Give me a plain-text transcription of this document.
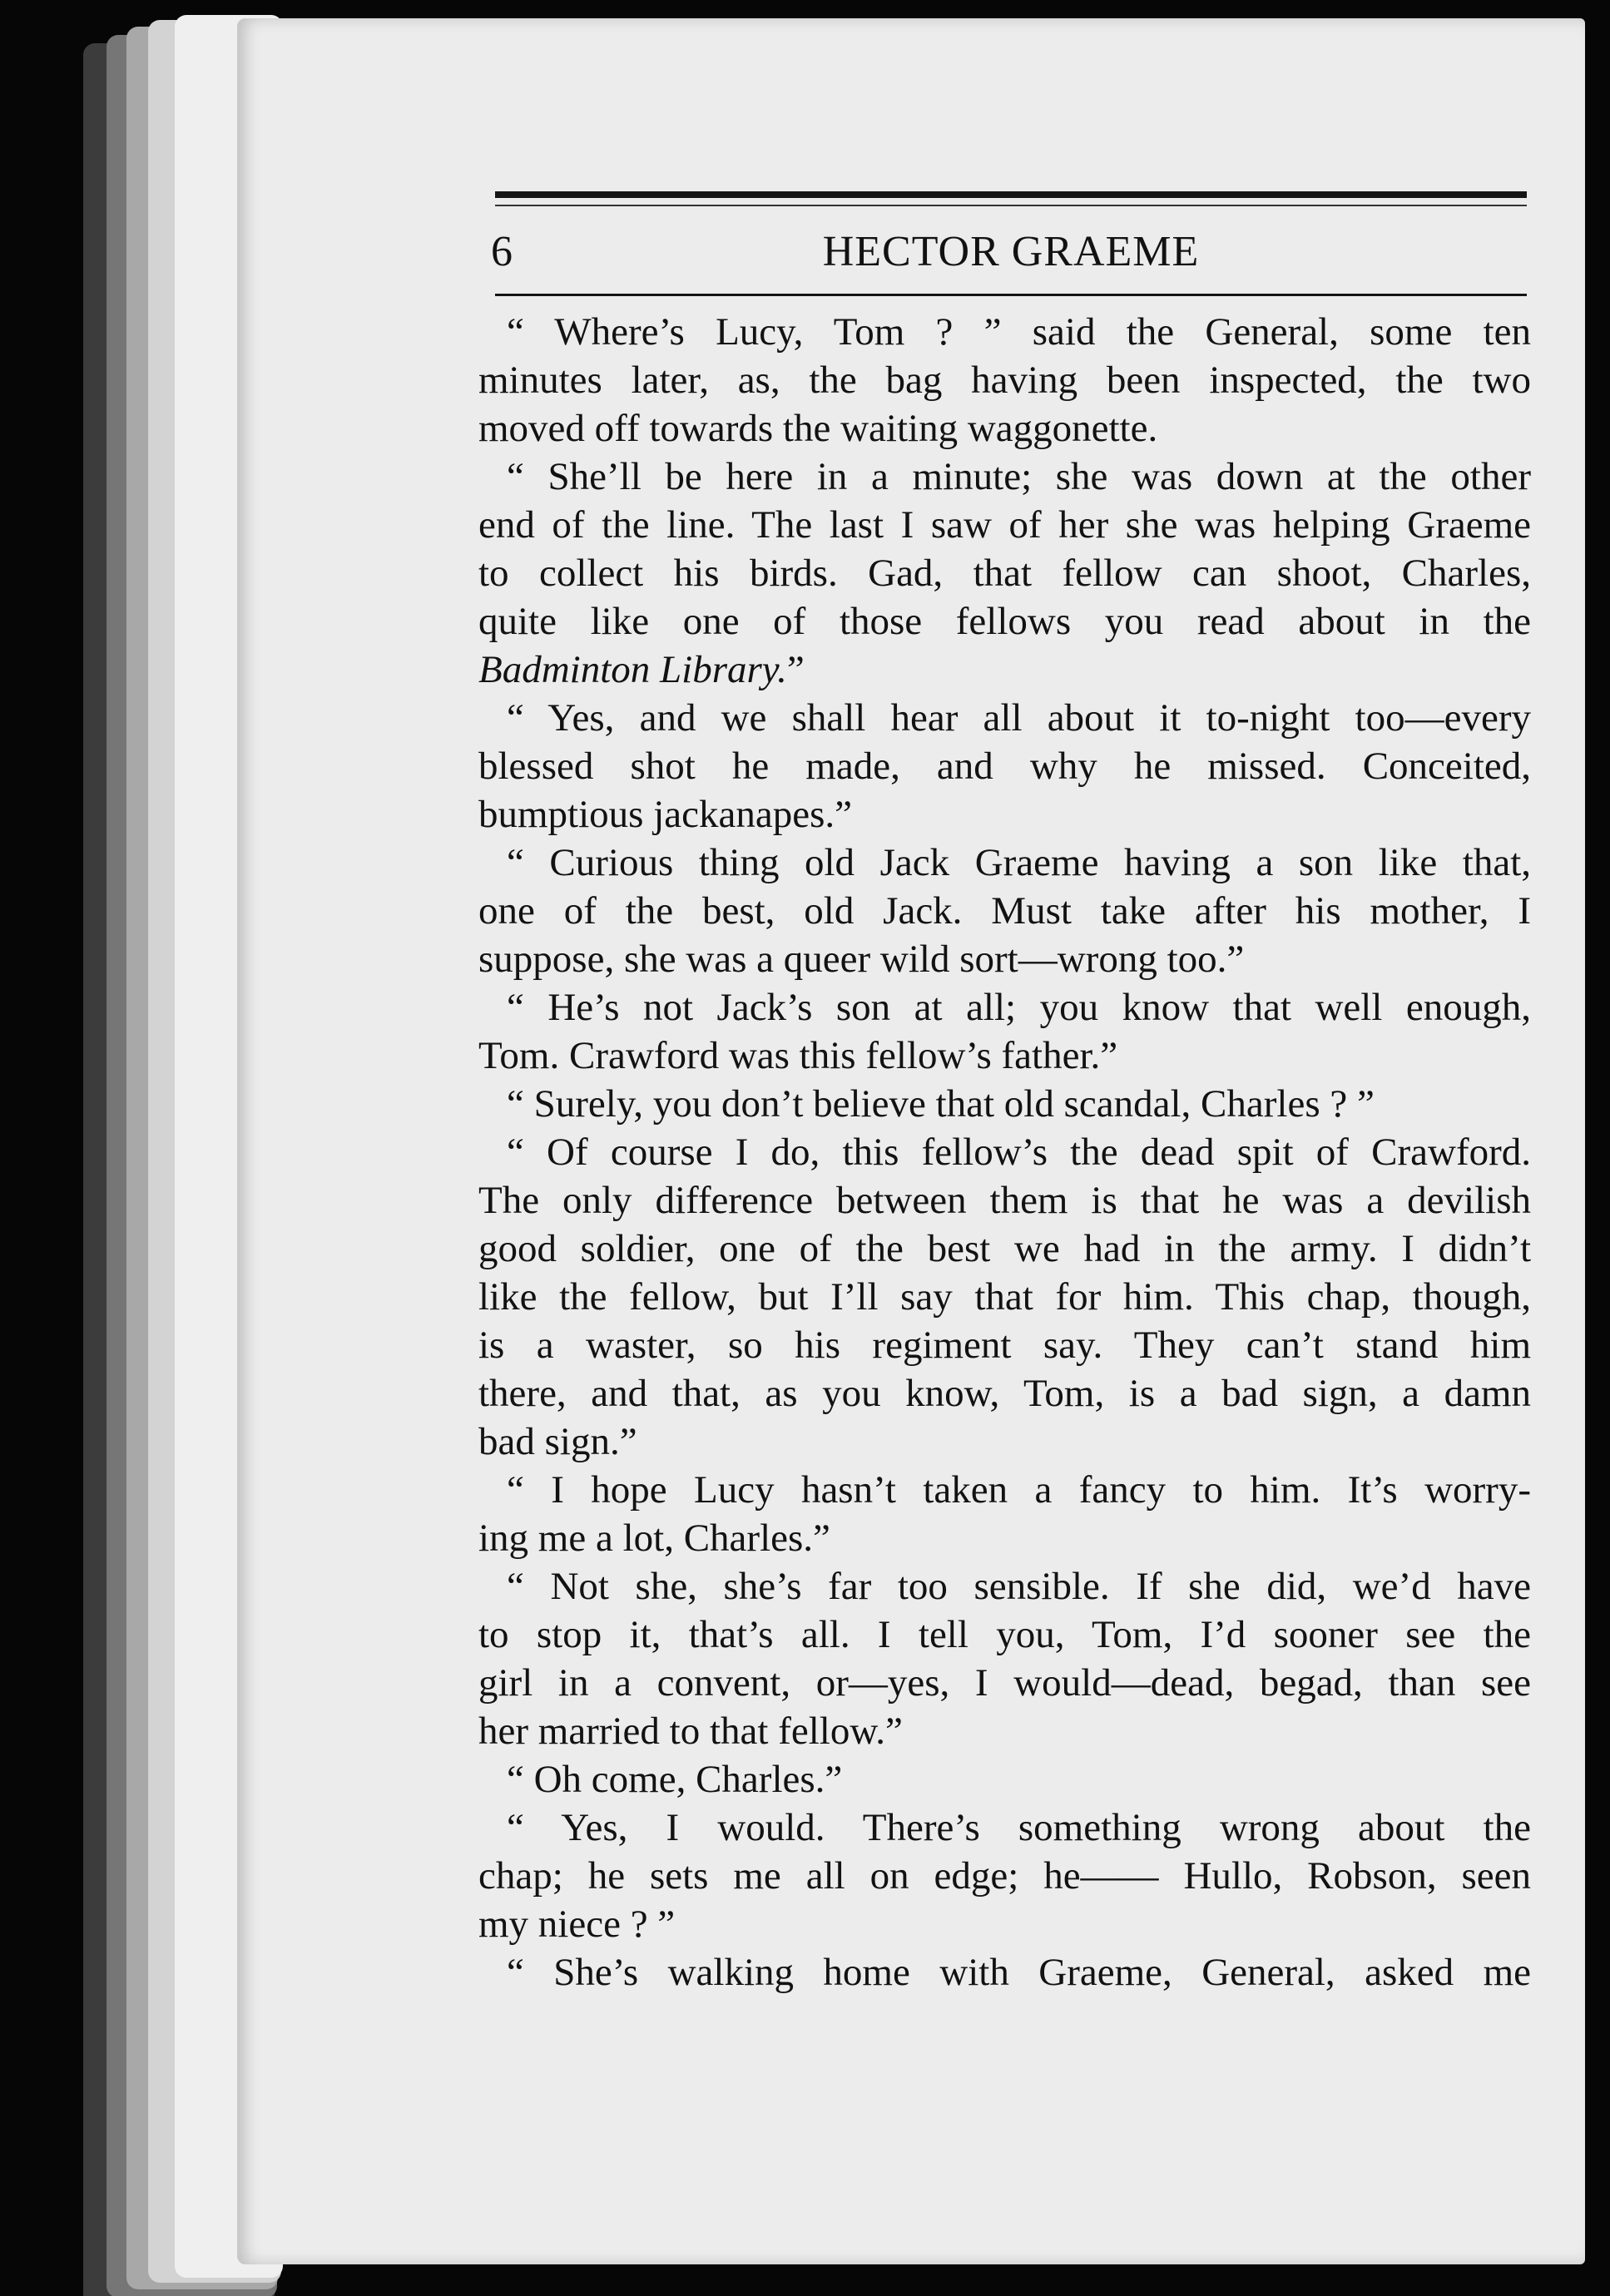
6	HECTOR GRAEME
“ Where’s Lucy, Tom ? ” said the General, some ten
minutes later, as, the bag having been inspected, the two
moved off towards the waiting waggonette.
“ She’ll be here in a minute; she was down at the other
end of the line. The last I saw of her she was helping Graeme
to collect his birds. Gad, that fellow can shoot, Charles,
quite like one of those fellows you read about in the
Badminton Library.”
“ Yes, and we shall hear all about it to-night too—every
blessed shot he made, and why he missed. Conceited,
bumptious jackanapes.”
“ Curious thing old Jack Graeme having a son like that,
one of the best, old Jack. Must take after his mother, I
suppose, she was a queer wild sort—wrong too.”
“ He’s not Jack’s son at all; you know that well enough,
Tom. Crawford was this fellow’s father.”
“ Surely, you don’t believe that old scandal, Charles ? ”
“ Of course I do, this fellow’s the dead spit of Crawford.
The only difference between them is that he was a devilish
good soldier, one of the best we had in the army. I didn’t
like the fellow, but I’ll say that for him. This chap, though,
is a waster, so his regiment say. They can’t stand him
there, and that, as you know, Tom, is a bad sign, a damn
bad sign.”
“ I hope Lucy hasn’t taken a fancy to him. It’s worry-
ing me a lot, Charles.”
“ Not she, she’s far too sensible. If she did, we’d have
to stop it, that’s all. I tell you, Tom, I’d sooner see the
girl in a convent, or—yes, I would—dead, begad, than see
her married to that fellow.”
“ Oh come, Charles.”
“ Yes, I would. There’s something wrong about the
chap; he sets me all on edge; he—— Hullo, Robson, seen
my niece ? ”
“ She’s walking home with Graeme, General, asked me
